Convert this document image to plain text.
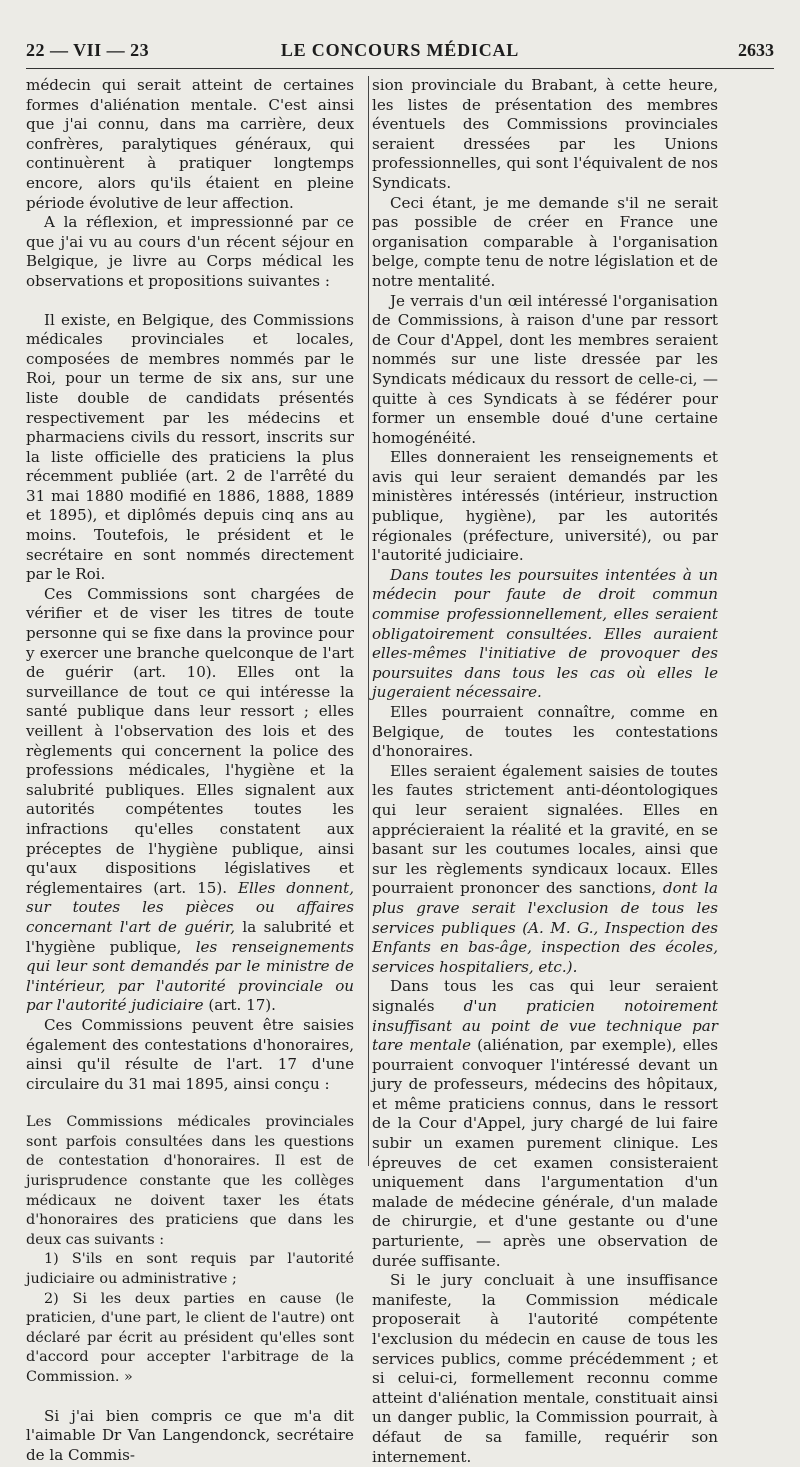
22 — VII — 23	LE CONCOURS MÉDICAL	2633

médecin qui serait atteint de certaines formes d'aliénation mentale. C'est ainsi que j'ai connu, dans ma carrière, deux confrères, paralytiques généraux, qui continuèrent à pratiquer longtemps encore, alors qu'ils étaient en pleine période évolutive de leur affection.

A la réflexion, et impressionné par ce que j'ai vu au cours d'un récent séjour en Belgique, je livre au Corps médical les observations et propositions suivantes :

Il existe, en Belgique, des Commissions médicales provinciales et locales, composées de membres nommés par le Roi, pour un terme de six ans, sur une liste double de candidats présentés respectivement par les médecins et pharmaciens civils du ressort, inscrits sur la liste officielle des praticiens la plus récemment publiée (art. 2 de l'arrêté du 31 mai 1880 modifié en 1886, 1888, 1889 et 1895), et diplômés depuis cinq ans au moins. Toutefois, le président et le secrétaire en sont nommés directement par le Roi.

Ces Commissions sont chargées de vérifier et de viser les titres de toute personne qui se fixe dans la province pour y exercer une branche quelconque de l'art de guérir (art. 10). Elles ont la surveillance de tout ce qui intéresse la santé publique dans leur ressort ; elles veillent à l'observation des lois et des règlements qui concernent la police des professions médicales, l'hygiène et la salubrité publiques. Elles signalent aux autorités compétentes toutes les infractions qu'elles constatent aux préceptes de l'hygiène publique, ainsi qu'aux dispositions législatives et réglementaires (art. 15). Elles donnent, sur toutes les pièces ou affaires concernant l'art de guérir, la salubrité et l'hygiène publique, les renseignements qui leur sont demandés par le ministre de l'intérieur, par l'autorité provinciale ou par l'autorité judiciaire (art. 17).

Ces Commissions peuvent être saisies également des contestations d'honoraires, ainsi qu'il résulte de l'art. 17 d'une circulaire du 31 mai 1895, ainsi conçu :

Les Commissions médicales provinciales sont parfois consultées dans les questions de contestation d'honoraires. Il est de jurisprudence constante que les collèges médicaux ne doivent taxer les états d'honoraires des praticiens que dans les deux cas suivants :

1) S'ils en sont requis par l'autorité judiciaire ou administrative ;

2) Si les deux parties en cause (le praticien, d'une part, le client de l'autre) ont déclaré par écrit au président qu'elles sont d'accord pour accepter l'arbitrage de la Commission. »

Si j'ai bien compris ce que m'a dit l'aimable Dr Van Langendonck, secrétaire de la Commis-

sion provinciale du Brabant, à cette heure, les listes de présentation des membres éventuels des Commissions provinciales seraient dressées par les Unions professionnelles, qui sont l'équivalent de nos Syndicats.

Ceci étant, je me demande s'il ne serait pas possible de créer en France une organisation comparable à l'organisation belge, compte tenu de notre législation et de notre mentalité.

Je verrais d'un œil intéressé l'organisation de Commissions, à raison d'une par ressort de Cour d'Appel, dont les membres seraient nommés sur une liste dressée par les Syndicats médicaux du ressort de celle-ci, — quitte à ces Syndicats à se fédérer pour former un ensemble doué d'une certaine homogénéité.

Elles donneraient les renseignements et avis qui leur seraient demandés par les ministères intéressés (intérieur, instruction publique, hygiène), par les autorités régionales (préfecture, université), ou par l'autorité judiciaire.

Dans toutes les poursuites intentées à un médecin pour faute de droit commun commise professionnellement, elles seraient obligatoirement consultées. Elles auraient elles-mêmes l'initiative de provoquer des poursuites dans tous les cas où elles le jugeraient nécessaire.

Elles pourraient connaître, comme en Belgique, de toutes les contestations d'honoraires.

Elles seraient également saisies de toutes les fautes strictement anti-déontologiques qui leur seraient signalées. Elles en apprécieraient la réalité et la gravité, en se basant sur les coutumes locales, ainsi que sur les règlements syndicaux locaux. Elles pourraient prononcer des sanctions, dont la plus grave serait l'exclusion de tous les services publiques (A. M. G., Inspection des Enfants en bas-âge, inspection des écoles, services hospitaliers, etc.).

Dans tous les cas qui leur seraient signalés d'un praticien notoirement insuffisant au point de vue technique par tare mentale (aliénation, par exemple), elles pourraient convoquer l'intéressé devant un jury de professeurs, médecins des hôpitaux, et même praticiens connus, dans le ressort de la Cour d'Appel, jury chargé de lui faire subir un examen purement clinique. Les épreuves de cet examen consisteraient uniquement dans l'argumentation d'un malade de médecine générale, d'un malade de chirurgie, et d'une gestante ou d'une parturiente, — après une observation de durée suffisante.

Si le jury concluait à une insuffisance manifeste, la Commission médicale proposerait à l'autorité compétente l'exclusion du médecin en cause de tous les services publics, comme précédemment ; et si celui-ci, formellement reconnu comme atteint d'aliénation mentale, constituait ainsi un danger public, la Commission pourrait, à défaut de sa famille, requérir son internement.
